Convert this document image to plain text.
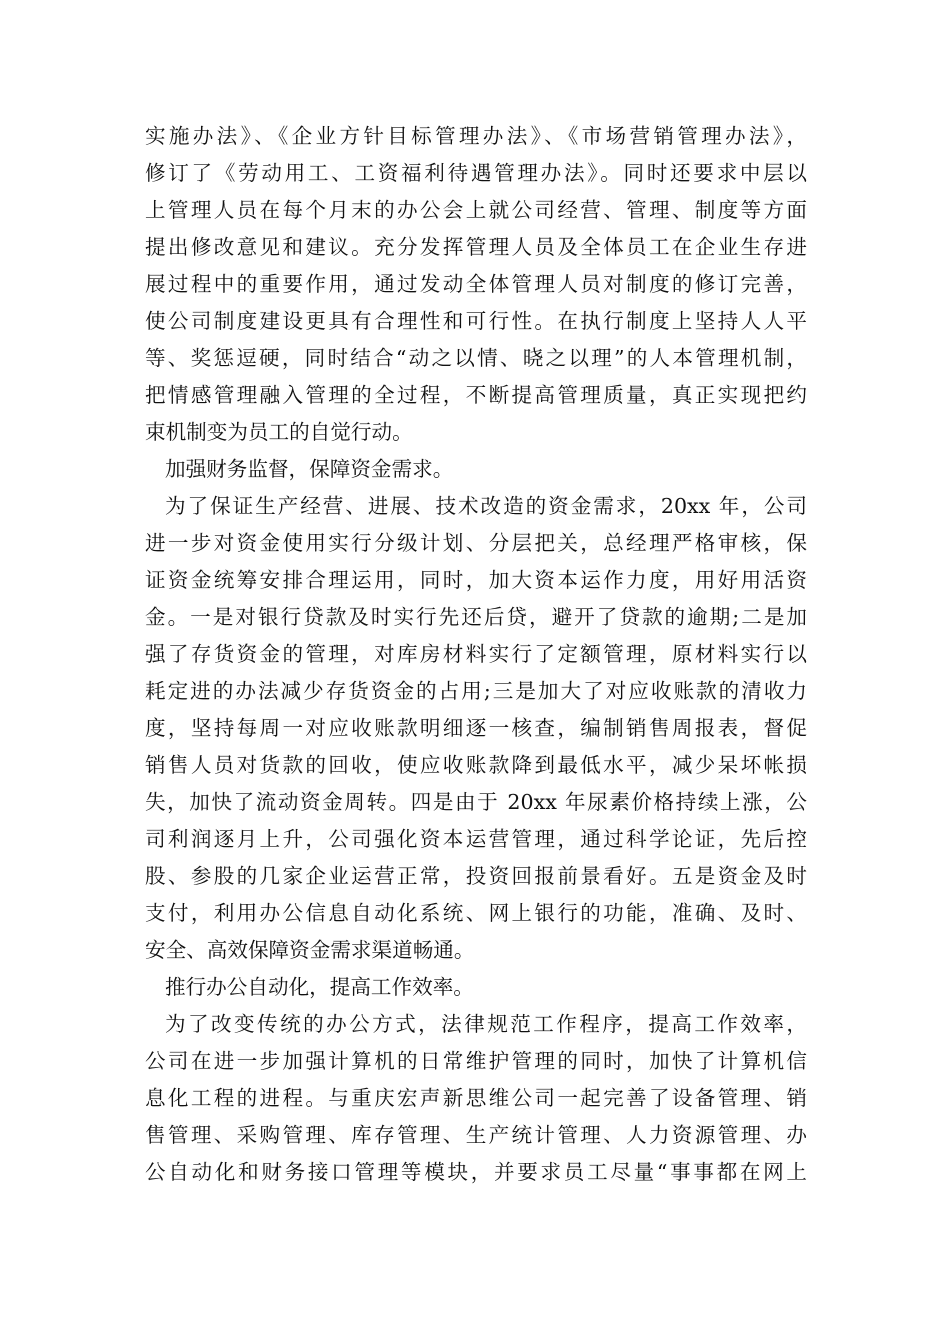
实施办法》、《企业方针目标管理办法》、《市场营销管理办法》，
修订了《劳动用工、工资福利待遇管理办法》。同时还要求中层以
上管理人员在每个月末的办公会上就公司经营、管理、制度等方面
提出修改意见和建议。充分发挥管理人员及全体员工在企业生存进
展过程中的重要作用，通过发动全体管理人员对制度的修订完善，
使公司制度建设更具有合理性和可行性。在执行制度上坚持人人平
等、奖惩逗硬，同时结合“动之以情、晓之以理”的人本管理机制，
把情感管理融入管理的全过程，不断提高管理质量，真正实现把约
束机制变为员工的自觉行动。
加强财务监督，保障资金需求。
为了保证生产经营、进展、技术改造的资金需求，20xx 年，公司
进一步对资金使用实行分级计划、分层把关，总经理严格审核，保
证资金统筹安排合理运用，同时，加大资本运作力度，用好用活资
金。一是对银行贷款及时实行先还后贷，避开了贷款的逾期;二是加
强了存货资金的管理，对库房材料实行了定额管理，原材料实行以
耗定进的办法减少存货资金的占用;三是加大了对应收账款的清收力
度，坚持每周一对应收账款明细逐一核查，编制销售周报表，督促
销售人员对货款的回收，使应收账款降到最低水平，减少呆坏帐损
失，加快了流动资金周转。四是由于 20xx 年尿素价格持续上涨，公
司利润逐月上升，公司强化资本运营管理，通过科学论证，先后控
股、参股的几家企业运营正常，投资回报前景看好。五是资金及时
支付，利用办公信息自动化系统、网上银行的功能，准确、及时、
安全、高效保障资金需求渠道畅通。
推行办公自动化，提高工作效率。
为了改变传统的办公方式，法律规范工作程序，提高工作效率，
公司在进一步加强计算机的日常维护管理的同时，加快了计算机信
息化工程的进程。与重庆宏声新思维公司一起完善了设备管理、销
售管理、采购管理、库存管理、生产统计管理、人力资源管理、办
公自动化和财务接口管理等模块，并要求员工尽量“事事都在网上
